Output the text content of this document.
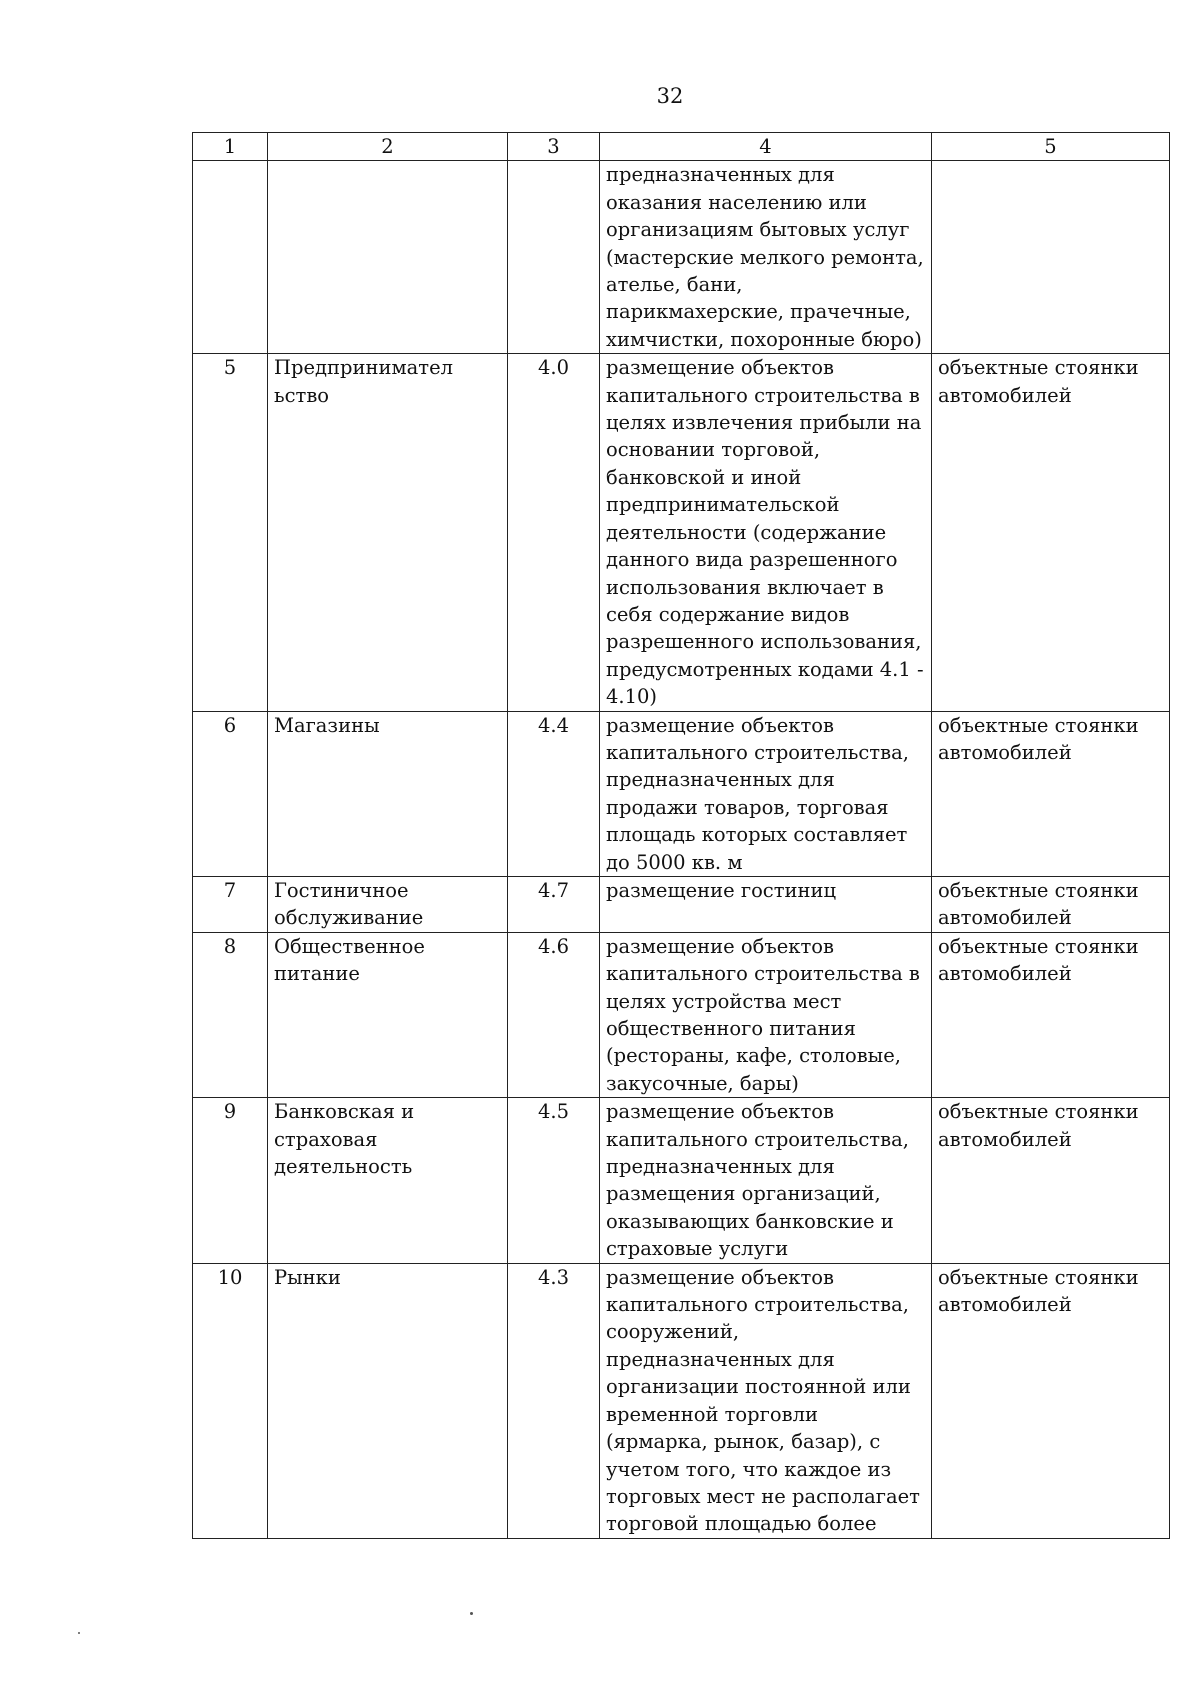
32
1	2	3	4	5
			предназначенных для оказания населению или организациям бытовых услуг (мастерские мелкого ремонта, ателье, бани, парикмахерские, прачечные, химчистки, похоронные бюро)	
5	Предпринимательство	4.0	размещение объектов капитального строительства в целях извлечения прибыли на основании торговой, банковской и иной предпринимательской деятельности (содержание данного вида разрешенного использования включает в себя содержание видов разрешенного использования, предусмотренных кодами 4.1 - 4.10)	объектные стоянки автомобилей
6	Магазины	4.4	размещение объектов капитального строительства, предназначенных для продажи товаров, торговая площадь которых составляет до 5000 кв. м	объектные стоянки автомобилей
7	Гостиничное обслуживание	4.7	размещение гостиниц	объектные стоянки автомобилей
8	Общественное питание	4.6	размещение объектов капитального строительства в целях устройства мест общественного питания (рестораны, кафе, столовые, закусочные, бары)	объектные стоянки автомобилей
9	Банковская и страховая деятельность	4.5	размещение объектов капитального строительства, предназначенных для размещения организаций, оказывающих банковские и страховые услуги	объектные стоянки автомобилей
10	Рынки	4.3	размещение объектов капитального строительства, сооружений, предназначенных для организации постоянной или временной торговли (ярмарка, рынок, базар), с учетом того, что каждое из торговых мест не располагает торговой площадью более	объектные стоянки автомобилей
